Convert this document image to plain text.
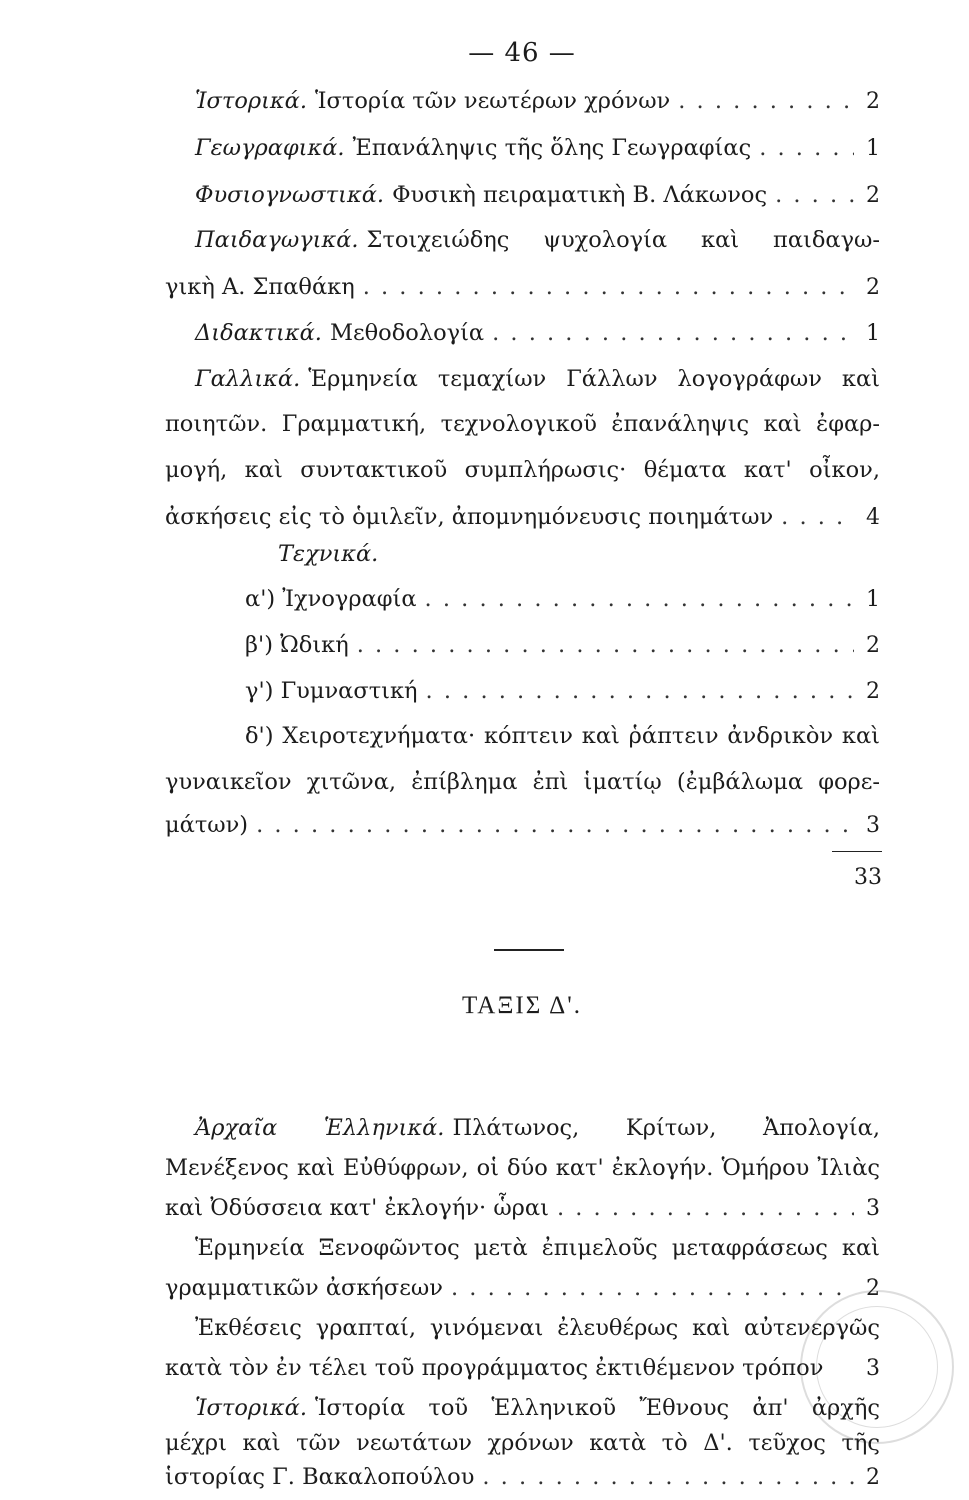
— 46 —
Ἱστορικά. Ἱστορία τῶν νεωτέρων χρόνων . . .	2
Γεωγραφικά. Ἐπανάληψις τῆς ὅλης Γεωγραφίας . . .	1
Φυσιογνωστικά. Φυσικὴ πειραματικὴ Β. Λάκωνος . . .	2
Παιδαγωγικά. Στοιχειώδης ψυχολογία καὶ παιδαγω-
γικὴ Α. Σπαθάκη . . .	2
Διδακτικά. Μεθοδολογία . . .	1
Γαλλικά. Ἑρμηνεία τεμαχίων Γάλλων λογογράφων καὶ
ποιητῶν. Γραμματική, τεχνολογικοῦ ἐπανάληψις καὶ ἐφαρ-
μογή, καὶ συντακτικοῦ συμπλήρωσις· θέματα κατ' οἶκον,
ἀσκήσεις εἰς τὸ ὁμιλεῖν, ἀπομνημόνευσις ποιημάτων . . .	4
Τεχνικά.
α') Ἰχνογραφία . . .	1
β') Ὠδική . . .	2
γ') Γυμναστική . . .	2
δ') Χειροτεχνήματα· κόπτειν καὶ ῥάπτειν ἀνδρικὸν καὶ
γυναικεῖον χιτῶνα, ἐπίβλημα ἐπὶ ἱματίῳ (ἐμβάλωμα φορε-
μάτων) . . .	3
33
ΤΑΞΙΣ Δ'.
Ἀρχαῖα Ἑλληνικά. Πλάτωνος, Κρίτων, Ἀπολογία,
Μενέξενος καὶ Εὐθύφρων, οἱ δύο κατ' ἐκλογήν. Ὁμήρου Ἰλιὰς
καὶ Ὀδύσσεια κατ' ἐκλογήν· ὧραι . . .	3
Ἑρμηνεία Ξενοφῶντος μετὰ ἐπιμελοῦς μεταφράσεως καὶ
γραμματικῶν ἀσκήσεων . . .	2
Ἐκθέσεις γραπταί, γινόμεναι ἐλευθέρως καὶ αὐτενεργῶς
κατὰ τὸν ἐν τέλει τοῦ προγράμματος ἐκτιθέμενον τρόπον 3
Ἱστορικά. Ἱστορία τοῦ Ἑλληνικοῦ Ἔθνους ἀπ' ἀρχῆς
μέχρι καὶ τῶν νεωτάτων χρόνων κατὰ τὸ Δ'. τεῦχος τῆς
ἱστορίας Γ. Βακαλοπούλου . . .	2
